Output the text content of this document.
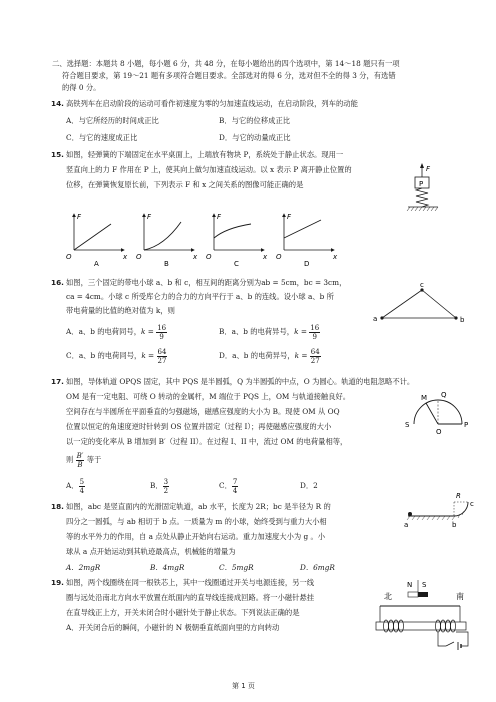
二、选择题：本题共 8 小题，每小题 6 分，共 48 分，在每小题给出的四个选项中，第 14～18 题只有一项
符合题目要求，第 19～21 题有多项符合题目要求。全部选对的得 6 分，选对但不全的得 3 分，有选错
的得 0 分。
14. 高铁列车在启动阶段的运动可看作初速度为零的匀加速直线运动，在启动阶段，列车的动能
A．与它所经历的时间成正比	B．与它的位移成正比
C．与它的速度成正比	D．与它的动量成正比
15. 如图，轻弹簧的下端固定在水平桌面上，上端放有物块 P，系统处于静止状态。现用一
竖直向上的力 F 作用在 P 上，使其向上做匀加速直线运动。以 x 表示 P 离开静止位置的
位移，在弹簧恢复原长前，下列表示 F 和 x 之间关系的图像可能正确的是
F
P
F
x
O
A
F
x
O
B
F
x
O
C
F
x
O
D
16. 如图，三个固定的带电小球 a、b 和 c，相互间的距离分别为ab = 5cm，bc = 3cm，
ca = 4cm。小球 c 所受库仑力的合力的方向平行于 a、b 的连线。设小球 a、b 所
带电荷量的比值的绝对值为 k，则
A．a、b 的电荷同号，$k = \frac{16}{9}$	B．a、b 的电荷异号，$k = \frac{16}{9}$
C．a、b 的电荷同号，$k = \frac{64}{27}$	D．a、b 的电荷异号，$k = \frac{64}{27}$
a	b
c
17. 如图，导体轨道 OPQS 固定，其中 PQS 是半圆弧，Q 为半圆弧的中点，O 为圆心。轨道的电阻忽略不计。
OM 是有一定电阻、可绕 O 转动的金属杆，M 端位于 PQS 上，OM 与轨道接触良好。
空间存在与半圆所在平面垂直的匀强磁场，磁感应强度的大小为 B。现使 OM 从 OQ
位置以恒定的角速度逆时针转到 OS 位置并固定（过程 I）；再使磁感应强度的大小
以一定的变化率从 B 增加到 B′（过程 II）。在过程 I、II 中，流过 OM 的电荷量相等，
则 $\frac{B'}{B}$ 等于
A． $\frac{5}{4}$	B． $\frac{3}{2}$	C． $\frac{7}{4}$	D．2
M Q
S
O
P
18. 如图，abc 是竖直面内的光滑固定轨道，ab 水平，长度为 2R；bc 是半径为 R 的
四分之一圆弧，与 ab 相切于 b 点。一质量为 m 的小球，始终受到与重力大小相
等的水平外力的作用，自 a 点处从静止开始向右运动。重力加速度大小为 g 。小
球从 a 点开始运动到其轨迹最高点，机械能的增量为
A．2mgR	B．4mgR	C．5mgR	D．6mgR
R
c
a	b
19. 如图，两个线圈绕在同一根铁芯上，其中一线圈通过开关与电源连接，另一线
圈与远处沿南北方向水平放置在纸面内的直导线连接成回路。将一小磁针悬挂
在直导线正上方，开关未闭合时小磁针处于静止状态。下列说法正确的是
A．开关闭合后的瞬间，小磁针的 N 极朝垂直纸面向里的方向转动
N S
北	南
第 1 页
